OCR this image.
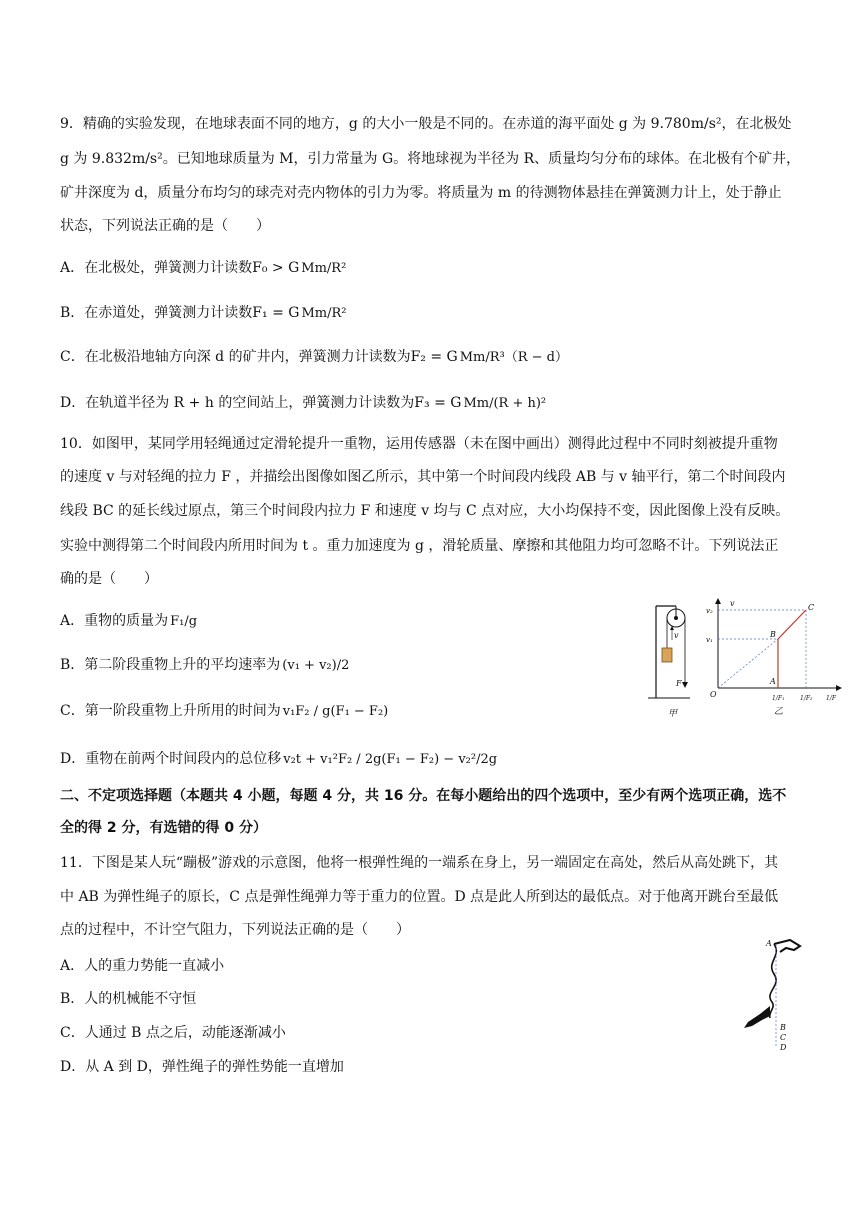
9．精确的实验发现，在地球表面不同的地方，g 的大小一般是不同的。在赤道的海平面处 g 为 9.780m/s²，在北极处
g 为 9.832m/s²。已知地球质量为 M，引力常量为 G。将地球视为半径为 R、质量均匀分布的球体。在北极有个矿井，
矿井深度为 d，质量分布均匀的球壳对壳内物体的引力为零。将质量为 m 的待测物体悬挂在弹簧测力计上，处于静止
状态，下列说法正确的是（　　）
A．在北极处，弹簧测力计读数F₀ > G Mm/R²
B．在赤道处，弹簧测力计读数F₁ = G Mm/R²
C．在北极沿地轴方向深 d 的矿井内，弹簧测力计读数为F₂ = G Mm/R³（R − d）
D．在轨道半径为 R + h 的空间站上，弹簧测力计读数为F₃ = G Mm/(R + h)²
10．如图甲，某同学用轻绳通过定滑轮提升一重物，运用传感器（未在图中画出）测得此过程中不同时刻被提升重物
的速度 v 与对轻绳的拉力 F ，并描绘出图像如图乙所示，其中第一个时间段内线段 AB 与 v 轴平行，第二个时间段内
线段 BC 的延长线过原点，第三个时间段内拉力 F 和速度 v 均与 C 点对应，大小均保持不变，因此图像上没有反映。
实验中测得第二个时间段内所用时间为 t 。重力加速度为 g ，滑轮质量、摩擦和其他阻力均可忽略不计。下列说法正
确的是（　　）
A．重物的质量为 F₁/g
B．第二阶段重物上升的平均速率为 (v₁ + v₂)/2
C．第一阶段重物上升所用的时间为 v₁F₂ / g(F₁ − F₂)
D．重物在前两个时间段内的总位移 v₂t + v₁²F₂ / 2g(F₁ − F₂) − v₂²/2g
v
F
甲
v
v₂
v₁
O
A
B
C
1/F₁	1/F₂ 1/F
乙
二、不定项选择题（本题共 4 小题，每题 4 分，共 16 分。在每小题给出的四个选项中，至少有两个选项正确，选不
全的得 2 分，有选错的得 0 分）
11．下图是某人玩“蹦极”游戏的示意图，他将一根弹性绳的一端系在身上，另一端固定在高处，然后从高处跳下，其
中 AB 为弹性绳子的原长，C 点是弹性绳弹力等于重力的位置。D 点是此人所到达的最低点。对于他离开跳台至最低
点的过程中，不计空气阻力，下列说法正确的是（　　）
A．人的重力势能一直减小
B．人的机械能不守恒
C．人通过 B 点之后，动能逐渐减小
D．从 A 到 D，弹性绳子的弹性势能一直增加
A
B
C
D
